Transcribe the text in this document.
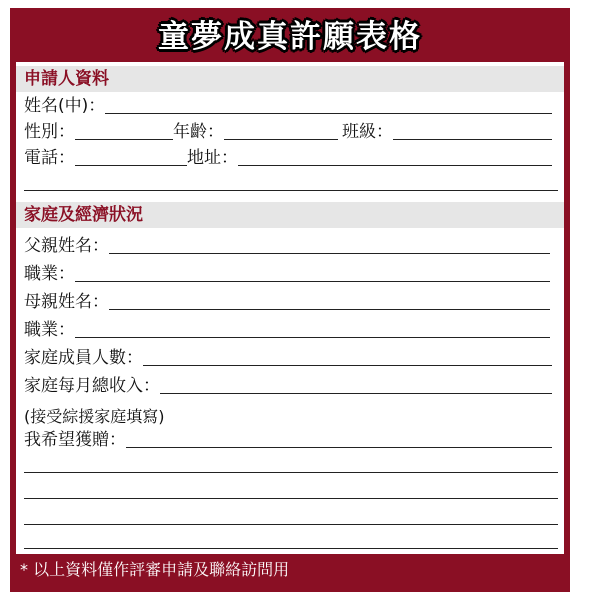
童夢成真許願表格
申請人資料
姓名(中)：
性別：	年齡：	班級：
電話：	地址：
家庭及經濟狀況
父親姓名：
職業：
母親姓名：
職業：
家庭成員人數：
家庭每月總收入：
(接受綜援家庭填寫)
我希望獲贈：
* 以上資料僅作評審申請及聯絡訪問用
